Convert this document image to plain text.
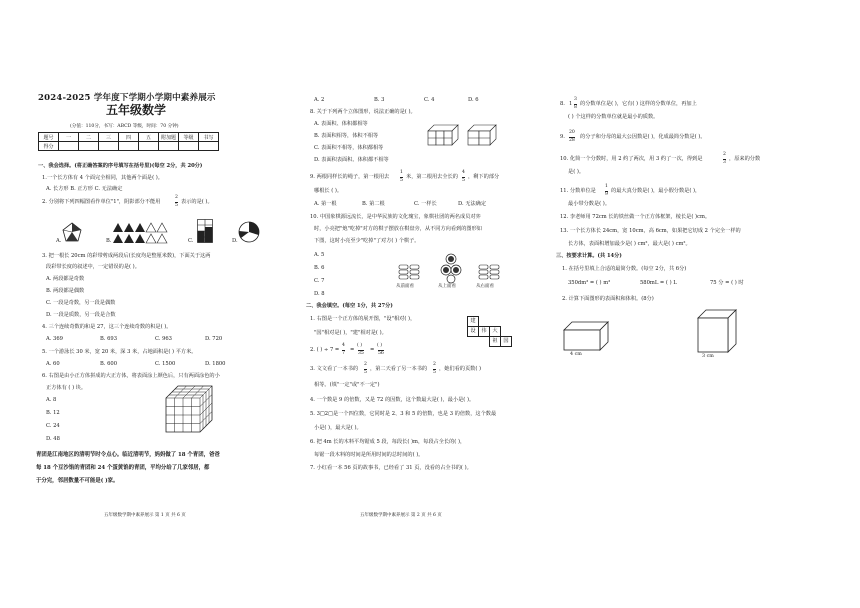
2024-2025 学年度下学期小学期中素养展示
五年级数学
(分值：110分，书写：ABCD 等级，时间：70 分钟)
题号	一	二	三	四	五	附加题	等级	书写
得分								
一、我会选择。(将正确答案的序号填写在括号里)(每空 2分，共 20分)
1.一个长方体有 4 个面完全相同，其他两个面是( )。
A. 长方形 B. 正方形 C. 无法确定
2. 分别将下列四幅图看作单位"1"，阴影部分不能用
2
5
表示的是( )。
A.	B.	C.	D.
3. 把一根长 20cm 的彩带剪成两段后(长度均是整厘米数)，下面关于这两
段彩带长度的叙述中，一定错误的是( )。
A. 两段都是奇数
B. 两段都是偶数
C. 一段是奇数，另一段是偶数
D. 一段是质数，另一段是合数
4. 三个连续奇数的和是 27，这三个连续奇数的积是( )。
A. 369	B. 693	C. 963	D. 720
5. 一个游泳长 30 米，宽 20 米，深 3 米，占地面积是( ) 平方米。
A. 60	B. 600	C. 1500	D. 1800
6. 右图是由小正方体拼成的大正方体，将表面涂上颜色后，只有两面涂色的小
正方体有 ( ) 块。
A. 8
B. 12
C. 24
D. 48
青团是江南地区的清明节时令点心。临近清明节，妈妈做了 18 个青团，爸爸
每 18 个豆沙馅的青团和 24 个蛋黄馅的青团，平均分给了几家邻居，都
于分完，邻居数量不可能是( )家。
五年级数学期中素养展示 第 1 页 共 6 页
A. 2	B. 3	C. 4	D. 6
8. 关于下列两个立体图形，说法正确的是( )。
A. 表面积、体积都相等
B. 表面积相等，体积不相等
C. 表面积不相等，体积都相等
D. 表面积表面积、体积都不相等
9. 两根同样长的绳子，第一根用去
1
5
米，第二根用去全长的
4
5
，剩下的部分
哪根长 ( )。
A. 第一根	B. 第二根	C. 一样长	D. 无法确定
10. 中国象棋源远流长，是中华民族的文化瑰宝，象棋社团的两名成员对弈
时，小亮把"炮"吃掉"对方的棋子摆放在棋盘旁，从不同方向看到的图形如
下图，这时小亮至少"吃掉"了对方( ) 个棋子。
A. 5
B. 6
C. 7
D. 8
从前面看	从上面看	从右面看
二、我会填空。(每空 1分，共 27分)
1. 右图是一个正方体的展开图，"设"相对( )，
"国"相对是( )，"建"相对是( )。
建
设	伟	大
祖	国
2. ( ) ÷ 7 =
4
7
=
( )
35
=
( )
56
3. 文文看了一本书的
2
5
，第二天看了另一本书的
2
5
，她们看的页数( )
相等。(填"一定"或"不一定")
4. 一个数是 9 的倍数，又是 72 的因数，这个数最大是( )，最小是( )。
5. 3□2□是一个四位数，它同时是 2、3 和 5 的倍数，也是 3 的倍数，这个数最
小是( )，最大是( )。
6. 把 4m 长的木料平均锯成 5 段，每段长( )m，每段占全长的( )，
每锯一段木料的时间是所用时间的总时间的( )。
7. 小红看一本 56 页的故事书，已经看了 31 页，没看的占全书的( )。
五年级数学期中素养展示 第 2 页 共 6 页
8. 1
3
8
的分数单位是( )，它有( ) 这样的分数单位，再加上
( ) 个这样的分数单位就是最小的质数。
9.
20
28
的分子和分母的最大公因数是( )，化成最简分数是( )。
10. 化简一个分数时，用 2 约了两次，用 3 约了一次，得到是
2
3
，原来的分数
是( )。
11. 分数单位是
1
9
的最大真分数是( )，最小假分数是( )，
最小带分数是( )。
12. 李老师用 72cm 长的铁丝做一个正方体框架，棱长是( )cm。
13. 一个长方体长 24cm，宽 10cm，高 6cm，如果把它切成 2 个完全一样的
长方体，表面积增加最少是( ) cm²，最大是( ) cm²。
三、按要求计算。(共 14分)
1. 在括号里填上合适的最简分数。(每空 2分，共 6分)
350dm³ = ( ) m³	580mL = ( ) L	75 分 = ( ) 时
2. 计算下面图形的表面积和体积。(8分)
4 cm	3 cm
